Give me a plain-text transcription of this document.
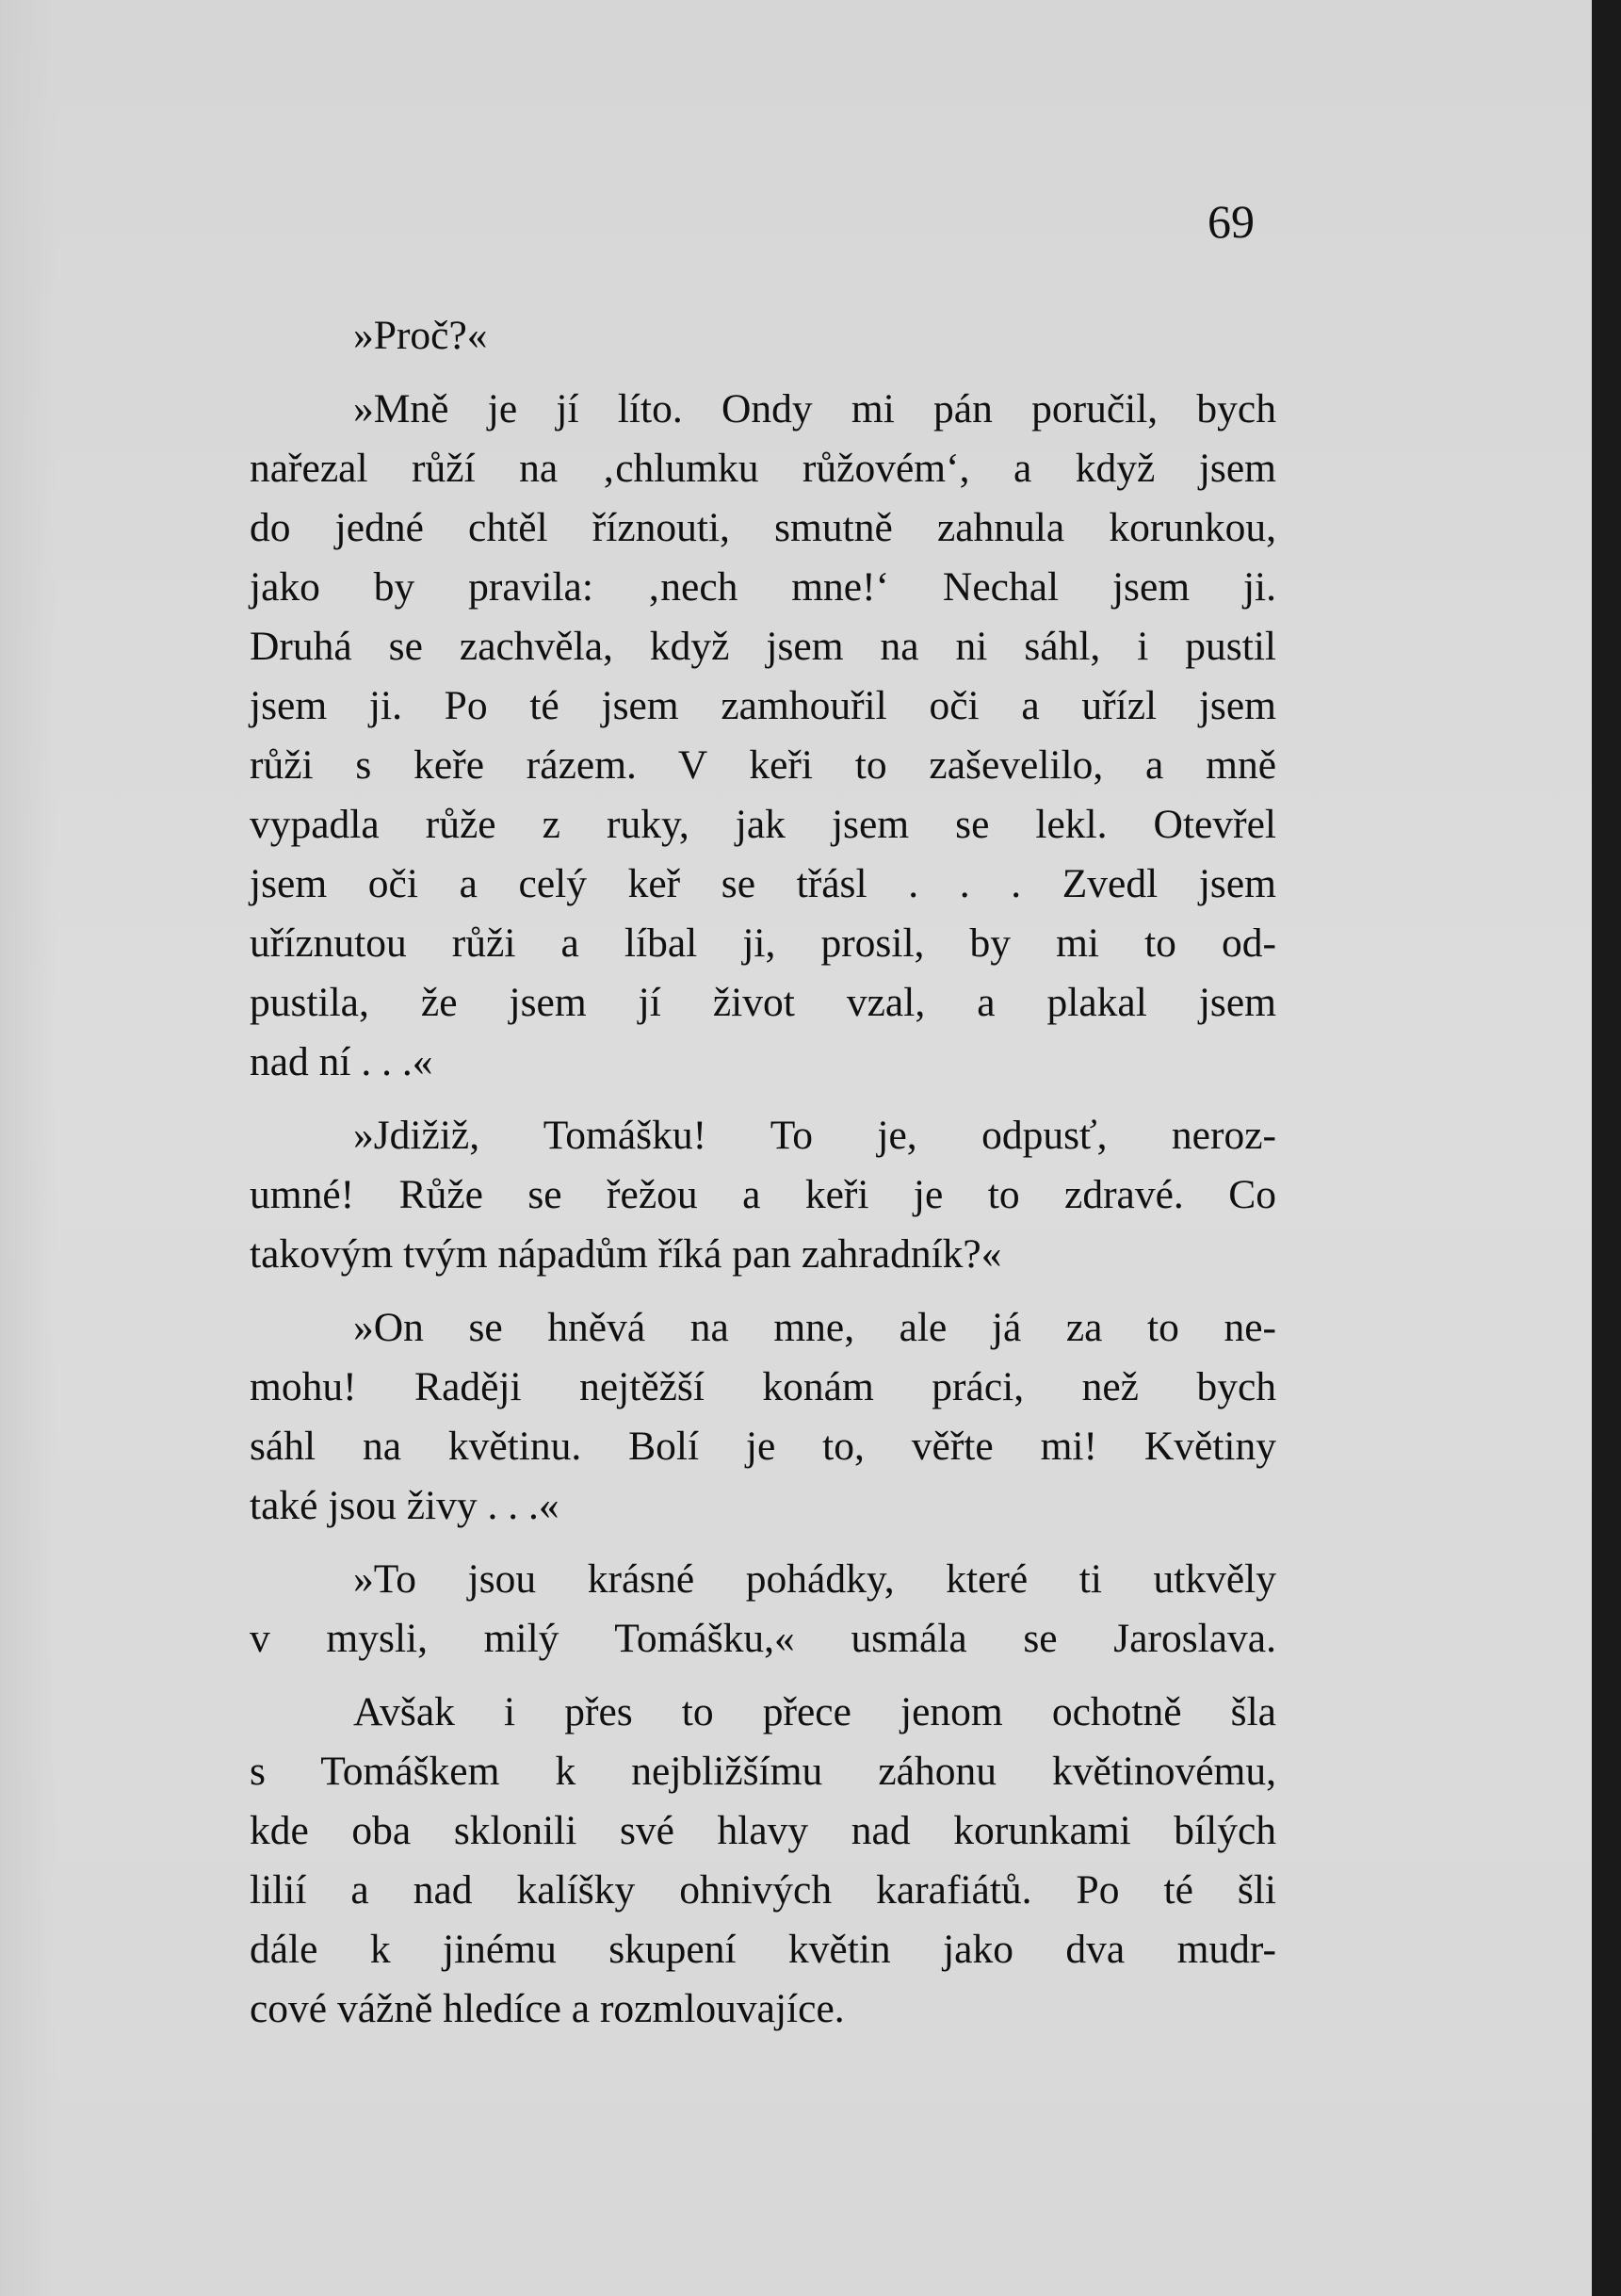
69
»Proč?«
»Mně je jí líto. Ondy mi pán poručil, bych
nařezal růží na ‚chlumku růžovém‘, a když jsem
do jedné chtěl říznouti, smutně zahnula korunkou,
jako by pravila: ‚nech mne!‘ Nechal jsem ji.
Druhá se zachvěla, když jsem na ni sáhl, i pustil
jsem ji. Po té jsem zamhouřil oči a uřízl jsem
růži s keře rázem. V keři to zaševelilo, a mně
vypadla růže z ruky, jak jsem se lekl. Otevřel
jsem oči a celý keř se třásl . . . Zvedl jsem
uříznutou růži a líbal ji, prosil, by mi to od-
pustila, že jsem jí život vzal, a plakal jsem
nad ní . . .«
»Jdižiž, Tomášku! To je, odpusť, neroz-
umné! Růže se řežou a keři je to zdravé. Co
takovým tvým nápadům říká pan zahradník?«
»On se hněvá na mne, ale já za to ne-
mohu! Raději nejtěžší konám práci, než bych
sáhl na květinu. Bolí je to, věřte mi! Květiny
také jsou živy . . .«
»To jsou krásné pohádky, které ti utkvěly
v mysli, milý Tomášku,« usmála se Jaroslava.
Avšak i přes to přece jenom ochotně šla
s Tomáškem k nejbližšímu záhonu květinovému,
kde oba sklonili své hlavy nad korunkami bílých
lilií a nad kalíšky ohnivých karafiátů. Po té šli
dále k jinému skupení květin jako dva mudr-
cové vážně hledíce a rozmlouvajíce.
